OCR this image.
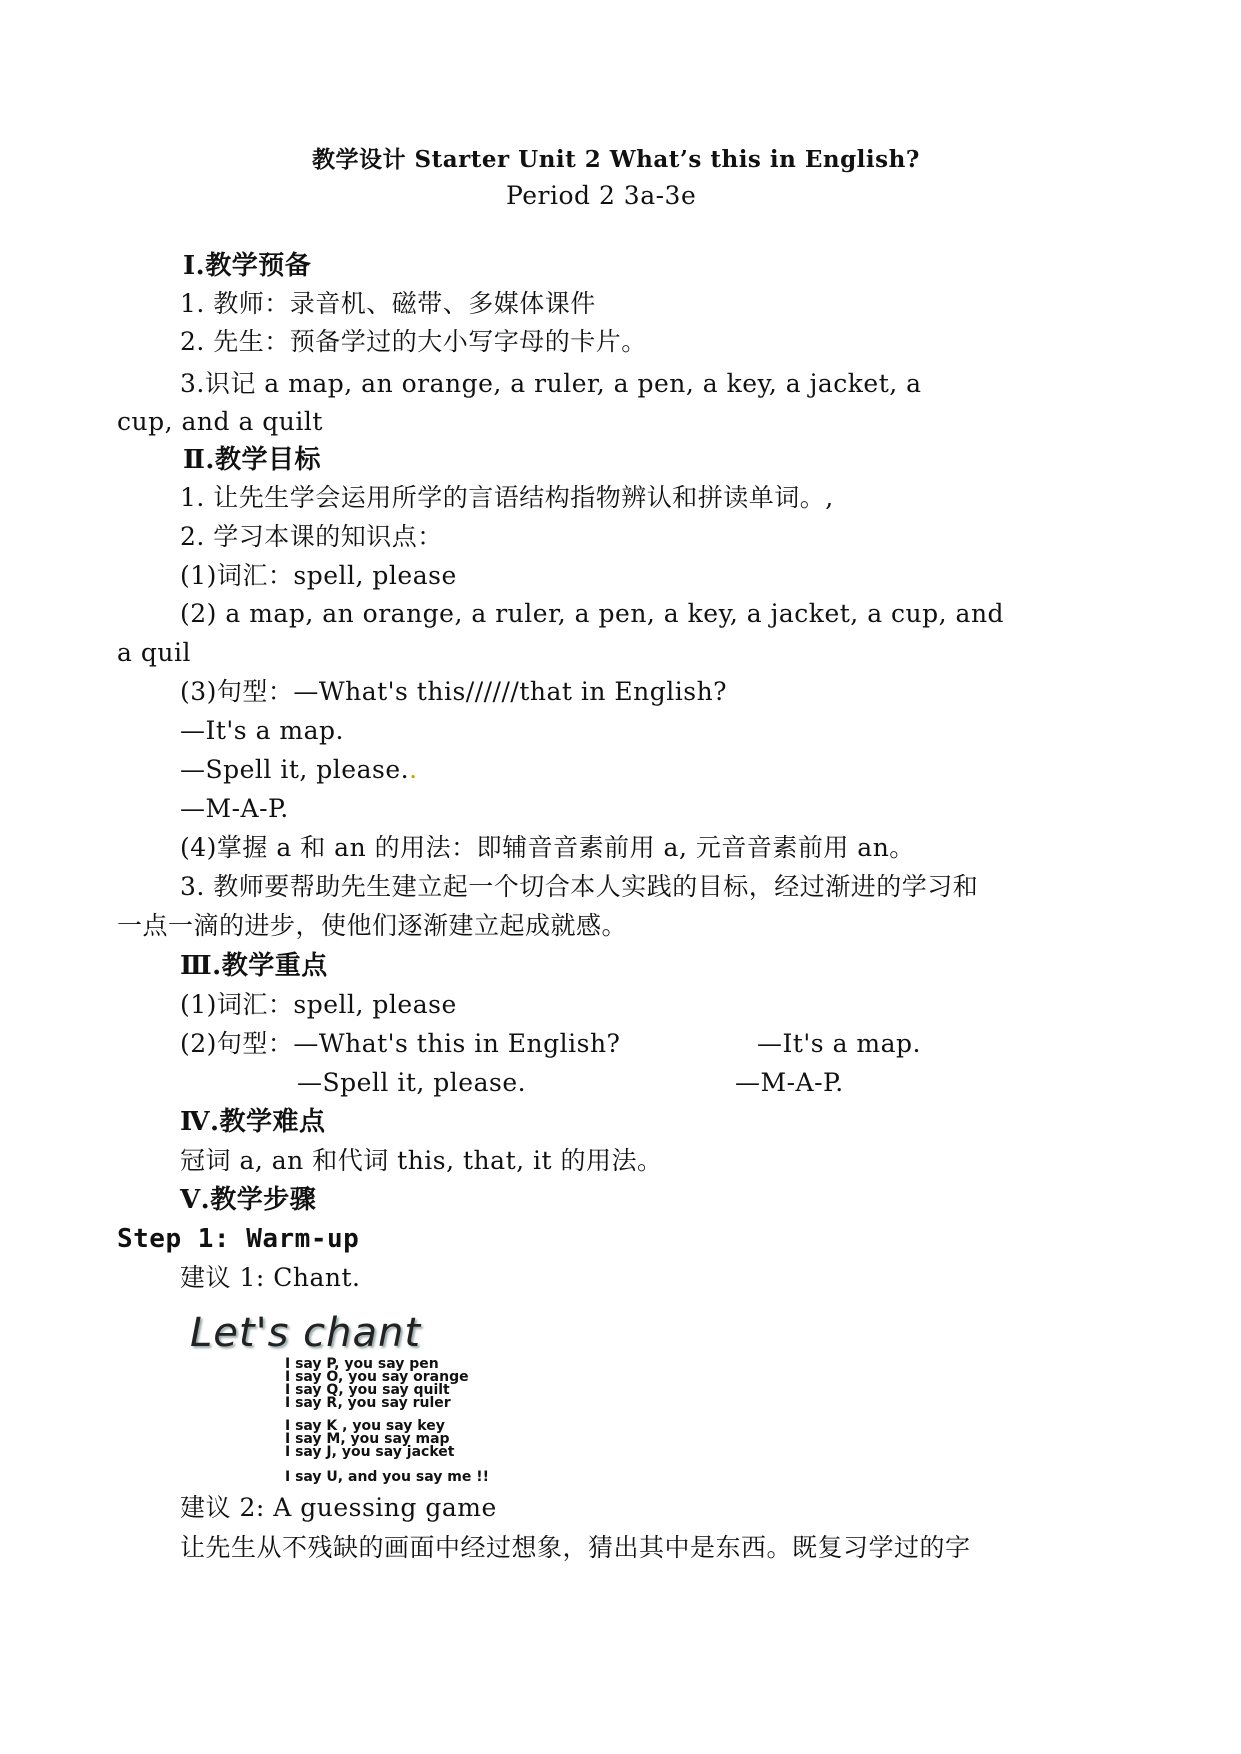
教学设计 Starter Unit 2 What’s this in English?
Period 2 3a-3e
Ⅰ.教学预备
1. 教师：录音机、磁带、多媒体课件
2. 先生：预备学过的大小写字母的卡片。
3.识记 a map, an orange, a ruler, a pen, a key, a jacket, a
cup, and a quilt
Ⅱ.教学目标
1. 让先生学会运用所学的言语结构指物辨认和拼读单词。,
2. 学习本课的知识点：
(1)词汇：spell, please
(2) a map, an orange, a ruler, a pen, a key, a jacket, a cup, and
a quil
(3)句型：—What's this//////that in English?
—It's a map.
—Spell it, please..
—M-A-P.
(4)掌握 a 和 an 的用法：即辅音音素前用 a, 元音音素前用 an。
3. 教师要帮助先生建立起一个切合本人实践的目标，经过渐进的学习和
一点一滴的进步，使他们逐渐建立起成就感。
Ⅲ.教学重点
(1)词汇：spell, please
(2)句型：—What's this in English?	—It's a map.
—Spell it, please.	—M-A-P.
Ⅳ.教学难点
冠词 a, an 和代词 this, that, it 的用法。
Ⅴ.教学步骤
Step 1: Warm-up
建议 1: Chant.
Let's chant
I say P, you say pen
I say O, you say orange
I say Q, you say quilt
I say R, you say ruler
I say K , you say key
I say M, you say map
I say J, you say jacket
I say U, and you say me !!
建议 2: A guessing game
让先生从不残缺的画面中经过想象，猜出其中是东西。既复习学过的字
